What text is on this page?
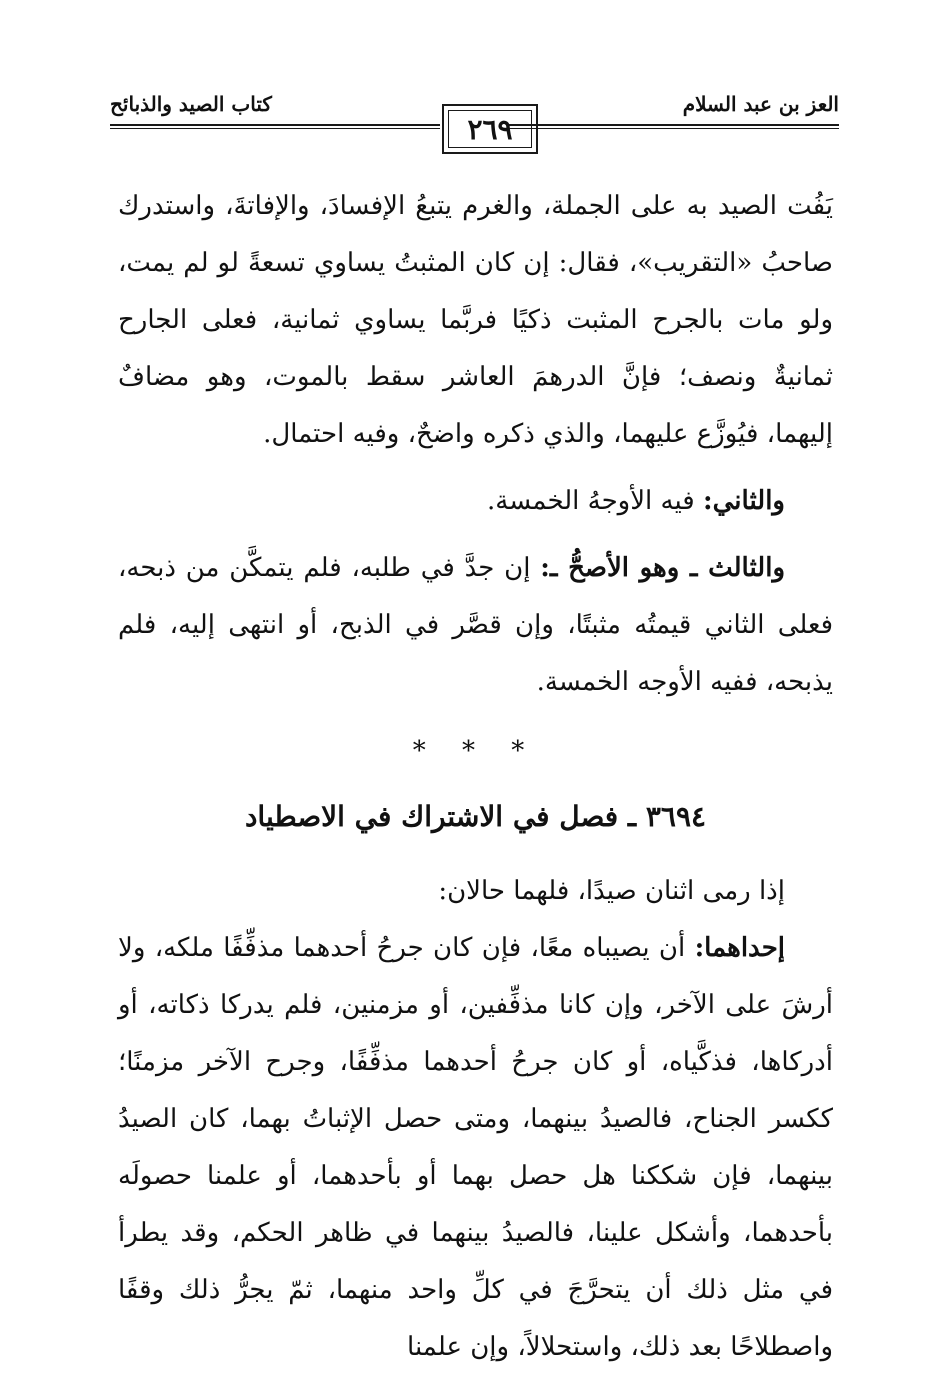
كتاب الصيد والذبائح	العز بن عبد السلام
٢٦٩

يَفُت الصيد به على الجملة، والغرم يتبعُ الإفسادَ، والإفاتةَ، واستدرك صاحبُ «التقريب»، فقال: إن كان المثبتُ يساوي تسعةً لو لم يمت، ولو مات بالجرح المثبت ذكيًا فربَّما يساوي ثمانية، فعلى الجارح ثمانيةٌ ونصف؛ فإنَّ الدرهمَ العاشر سقط بالموت، وهو مضافٌ إليهما، فيُوزَّع عليهما، والذي ذكره واضحٌ، وفيه احتمال.

والثاني: فيه الأوجهُ الخمسة.

والثالث ـ وهو الأصحُّ ـ: إن جدَّ في طلبه، فلم يتمكَّن من ذبحه، فعلى الثاني قيمتُه مثبتًا، وإن قصَّر في الذبح، أو انتهى إليه، فلم يذبحه، ففيه الأوجه الخمسة.

* * *
٣٦٩٤ ـ فصل في الاشتراك في الاصطياد

إذا رمى اثنان صيدًا، فلهما حالان:

إحداهما: أن يصيباه معًا، فإن كان جرحُ أحدهما مذفِّفًا ملكه، ولا أرشَ على الآخر، وإن كانا مذفِّفين، أو مزمنين، فلم يدركا ذكاته، أو أدركاها، فذكَّياه، أو كان جرحُ أحدهما مذفِّفًا، وجرح الآخر مزمنًا؛ ككسر الجناح، فالصيدُ بينهما، ومتى حصل الإثباتُ بهما، كان الصيدُ بينهما، فإن شككنا هل حصل بهما أو بأحدهما، أو علمنا حصولَه بأحدهما، وأشكل علينا، فالصيدُ بينهما في ظاهر الحكم، وقد يطرأ في مثل ذلك أن يتحرَّجَ في كلِّ واحد منهما، ثمّ يجرُّ ذلك وقفًا واصطلاحًا بعد ذلك، واستحلالاً، وإن علمنا
